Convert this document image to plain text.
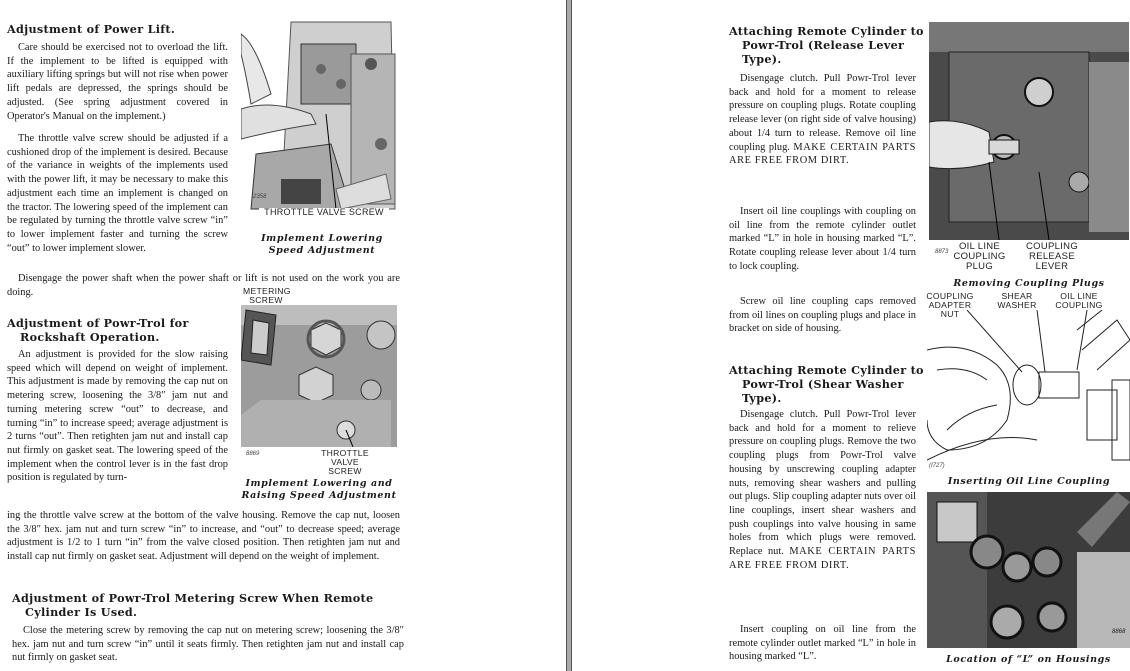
Adjustment of Power Lift.

Care should be exercised not to overload the lift. If the implement to be lifted is equipped with auxiliary lifting springs but will not rise when power lift pedals are depressed, the springs should be adjusted. (See spring adjustment covered in Operator's Manual on the implement.)

The throttle valve screw should be adjusted if a cushioned drop of the implement is desired. Because of the variance in weights of the implements used with the power lift, it may be necessary to make this adjustment each time an implement is changed on the tractor. The lowering speed of the implement can be regulated by turning the throttle valve screw “in” to lower implement faster and turning the screw “out” to lower implement slower.

Disengage the power shaft when the power shaft or lift is not used on the work you are doing.

2358
THROTTLE VALVE SCREW
Implement Lowering Speed Adjustment
Adjustment of Powr-Trol for
Rockshaft Operation.

An adjustment is provided for the slow raising speed which will depend on weight of implement. This adjustment is made by removing the cap nut on metering screw, loosening the 3/8″ jam nut and turning metering screw “out” to decrease, and turning “in” to increase speed; average adjustment is 2 turns “out”. Then retighten jam nut and install cap nut firmly on gasket seat. The lowering speed of the implement when the control lever is in the fast drop position is regulated by turn-

ing the throttle valve screw at the bottom of the valve housing. Remove the cap nut, loosen the 3/8″ hex. jam nut and turn screw “in” to increase, and “out” to decrease speed; average adjustment is 1/2 to 1 turn “in” from the valve closed position. Then retighten jam nut and install cap nut firmly on gasket seat. Adjustment will depend on the weight of implement.

METERING SCREW
8869	THROTTLE VALVE SCREW
Implement Lowering and Raising Speed Adjustment
Adjustment of Powr-Trol Metering Screw When Remote
Cylinder Is Used.

Close the metering screw by removing the cap nut on metering screw; loosening the 3/8″ hex. jam nut and turn screw “in” until it seats firmly. Then retighten jam nut and install cap nut firmly on gasket seat.

Attaching Remote Cylinder to
Powr-Trol (Release Lever
Type).

Disengage clutch. Pull Powr-Trol lever back and hold for a moment to release pressure on coupling plugs. Rotate coupling release lever (on right side of valve housing) about 1/4 turn to release. Remove oil line coupling plug. MAKE CERTAIN PARTS ARE FREE FROM DIRT.

Insert oil line couplings with coupling on oil line from the remote cylinder outlet marked “L” in hole in housing marked “L”. Rotate coupling release lever about 1/4 turn to lock coupling.

Screw oil line coupling caps removed from oil lines on coupling plugs and place in bracket on side of housing.

8873	OIL LINE COUPLING PLUG
COUPLING RELEASE LEVER
Removing Coupling Plugs
Attaching Remote Cylinder to
Powr-Trol (Shear Washer
Type).

Disengage clutch. Pull Powr-Trol lever back and hold for a moment to relieve pressure on coupling plugs. Remove the two coupling plugs from Powr-Trol valve housing by unscrewing coupling adapter nuts, removing shear washers and pulling out plugs. Slip coupling adapter nuts over oil line couplings, insert shear washers and push couplings into valve housing in same holes from which plugs were removed. Replace nut. MAKE CERTAIN PARTS ARE FREE FROM DIRT.

Insert coupling on oil line from the remote cylinder outlet marked “L” in hole in housing marked “L”.

COUPLING ADAPTER NUT
SHEAR WASHER
OIL LINE COUPLING
(I727)
Inserting Oil Line Coupling
8868
Location of “L” on Housings
